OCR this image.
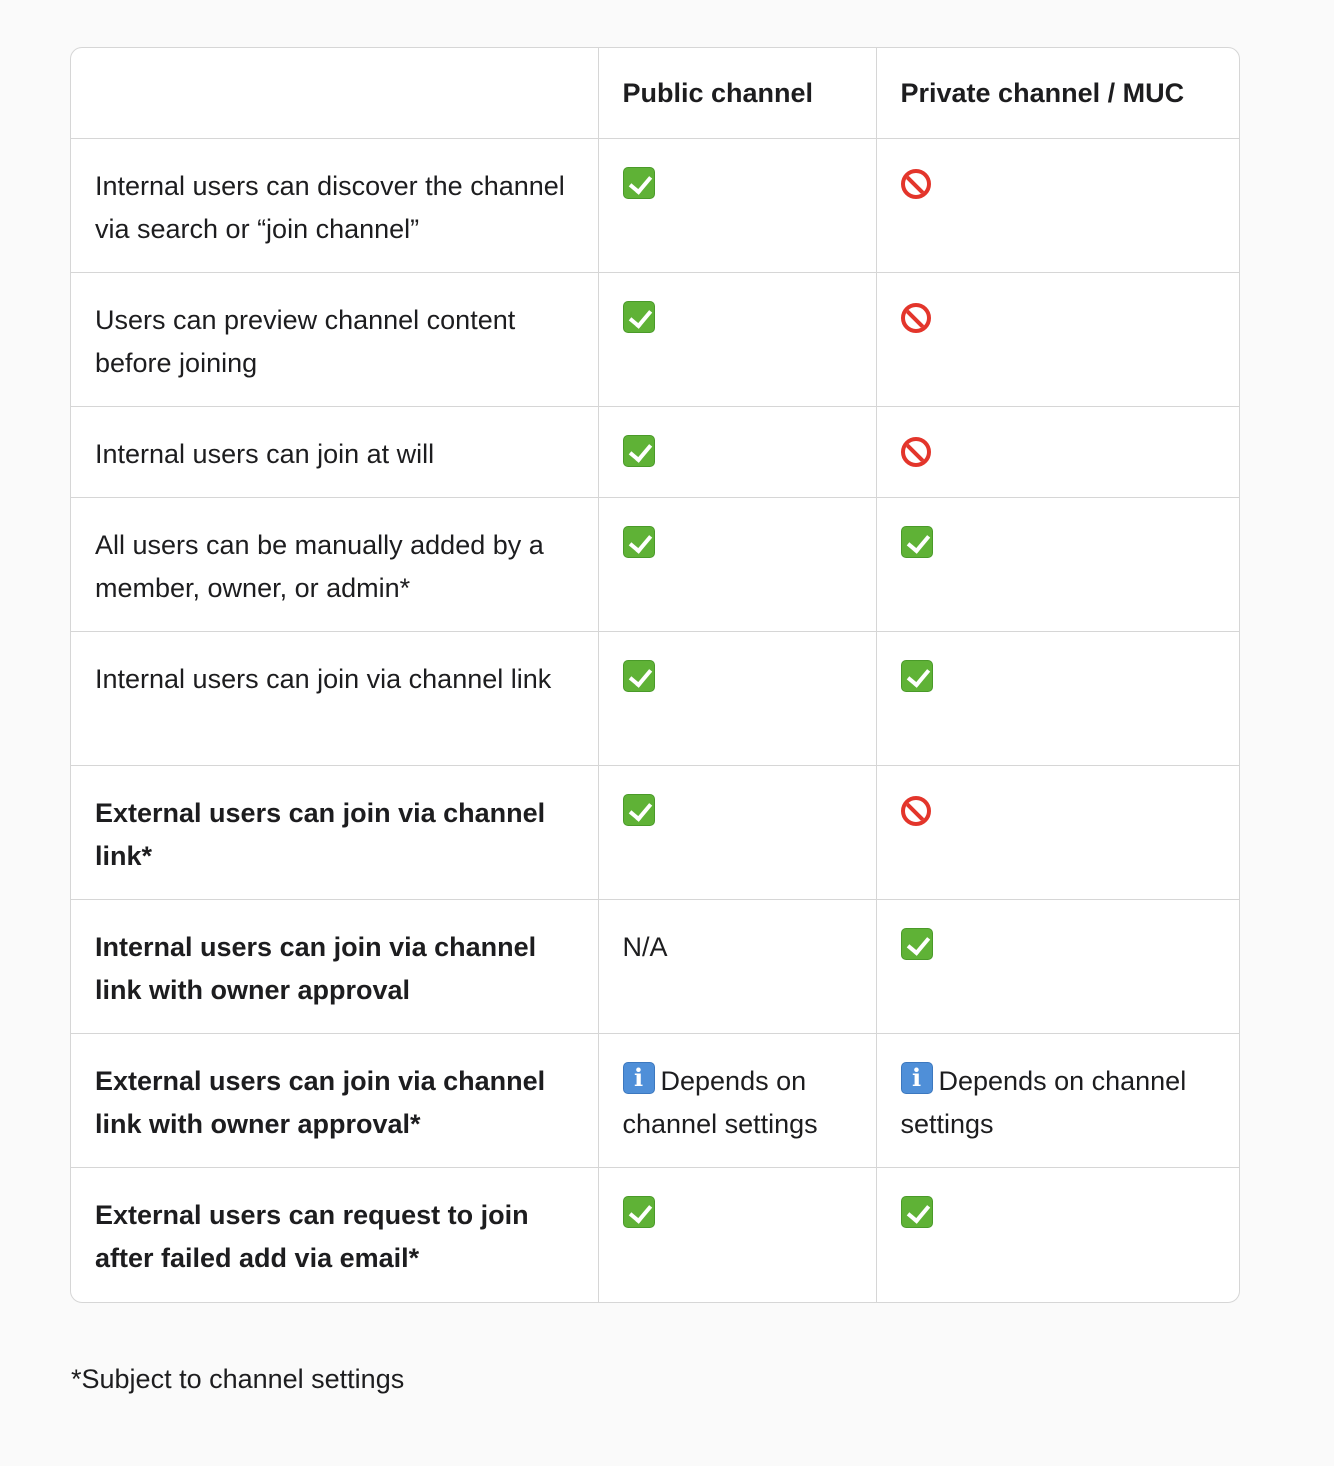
	Public channel	Private channel / MUC
Internal users can discover the channel via search or “join channel”		
Users can preview channel content before joining		
Internal users can join at will		
All users can be manually added by a member, owner, or admin*		
Internal users can join via channel link		
External users can join via channel link*		
Internal users can join via channel link with owner approval	N/A	
External users can join via channel link with owner approval*	iDepends on channel settings	iDepends on channel settings
External users can request to join after failed add via email*		
*Subject to channel settings
